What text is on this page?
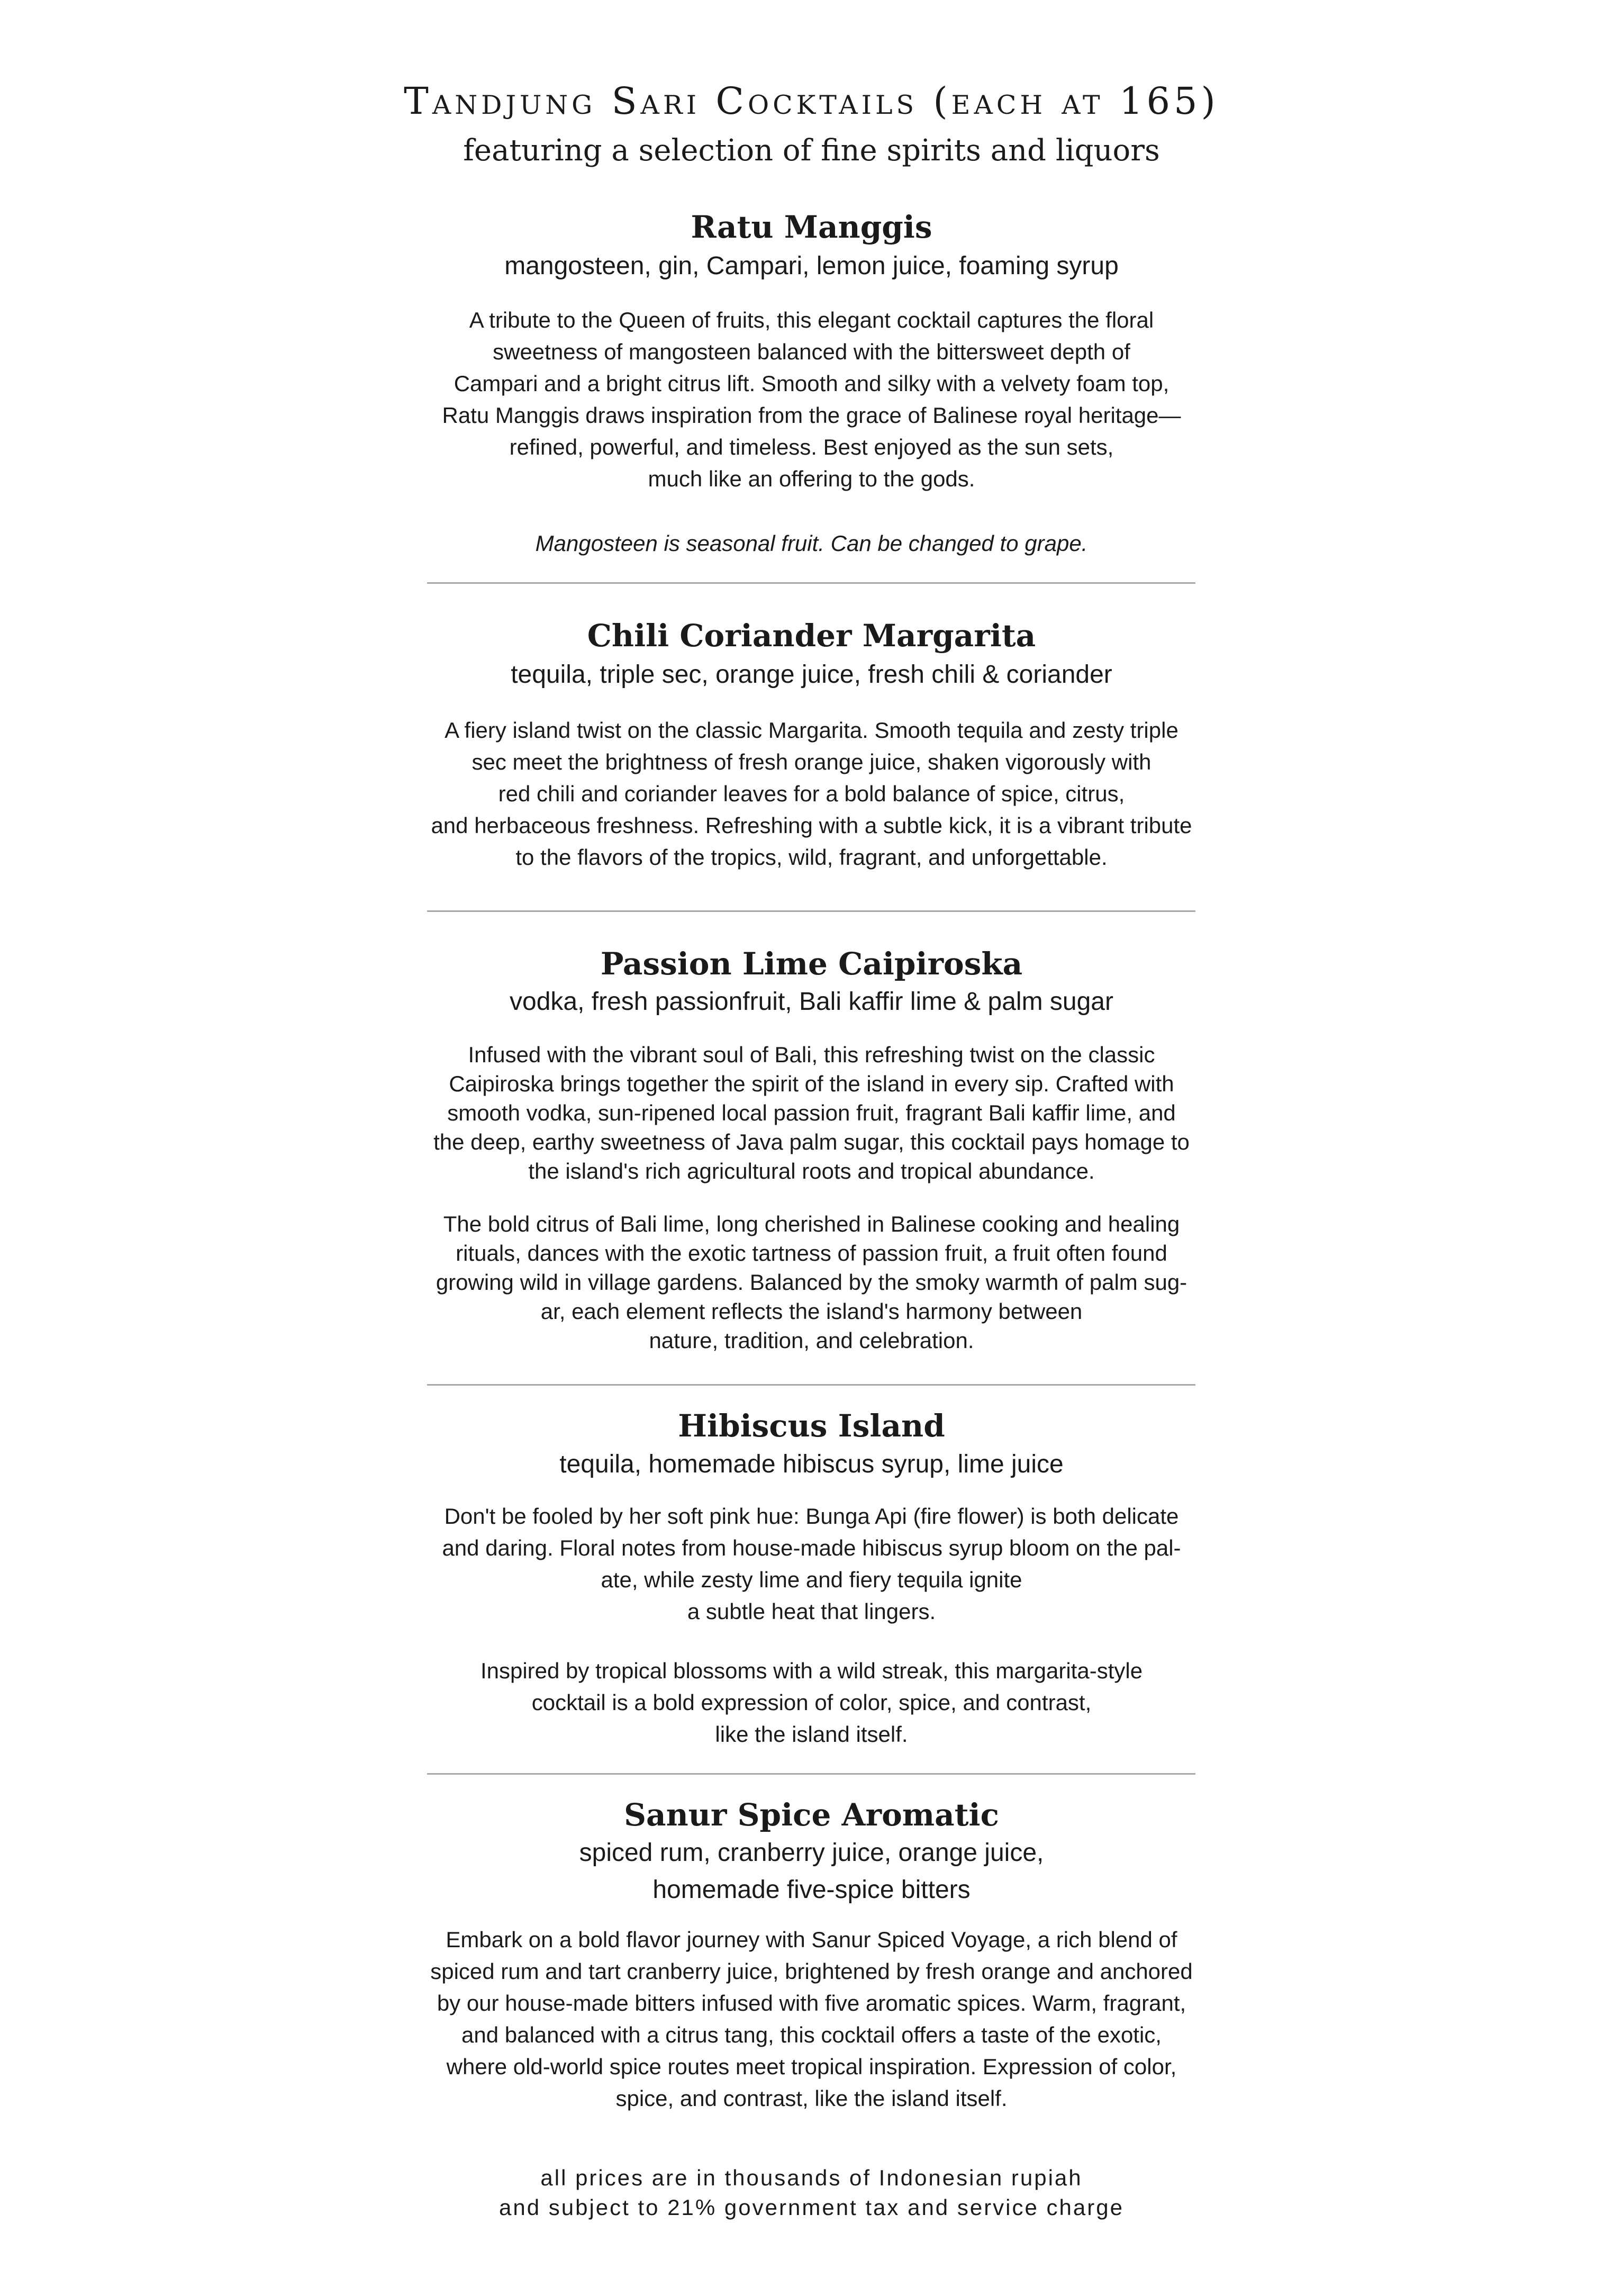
Tandjung Sari Cocktails (each at 165)
featuring a selection of fine spirits and liquors
Ratu Manggis
mangosteen, gin, Campari, lemon juice, foaming syrup
A tribute to the Queen of fruits, this elegant cocktail captures the floral
sweetness of mangosteen balanced with the bittersweet depth of
Campari and a bright citrus lift. Smooth and silky with a velvety foam top,
Ratu Manggis draws inspiration from the grace of Balinese royal heritage—
refined, powerful, and timeless. Best enjoyed as the sun sets,
much like an offering to the gods.
Mangosteen is seasonal fruit. Can be changed to grape.
Chili Coriander Margarita
tequila, triple sec, orange juice, fresh chili & coriander
A fiery island twist on the classic Margarita. Smooth tequila and zesty triple
sec meet the brightness of fresh orange juice, shaken vigorously with
red chili and coriander leaves for a bold balance of spice, citrus,
and herbaceous freshness. Refreshing with a subtle kick, it is a vibrant tribute
to the flavors of the tropics, wild, fragrant, and unforgettable.
Passion Lime Caipiroska
vodka, fresh passionfruit, Bali kaffir lime & palm sugar
Infused with the vibrant soul of Bali, this refreshing twist on the classic
Caipiroska brings together the spirit of the island in every sip. Crafted with
smooth vodka, sun-ripened local passion fruit, fragrant Bali kaffir lime, and
the deep, earthy sweetness of Java palm sugar, this cocktail pays homage to
the island's rich agricultural roots and tropical abundance.
The bold citrus of Bali lime, long cherished in Balinese cooking and healing
rituals, dances with the exotic tartness of passion fruit, a fruit often found
growing wild in village gardens. Balanced by the smoky warmth of palm sug-
ar, each element reflects the island's harmony between
nature, tradition, and celebration.
Hibiscus Island
tequila, homemade hibiscus syrup, lime juice
Don't be fooled by her soft pink hue: Bunga Api (fire flower) is both delicate
and daring. Floral notes from house-made hibiscus syrup bloom on the pal-
ate, while zesty lime and fiery tequila ignite
a subtle heat that lingers.
Inspired by tropical blossoms with a wild streak, this margarita-style
cocktail is a bold expression of color, spice, and contrast,
like the island itself.
Sanur Spice Aromatic
spiced rum, cranberry juice, orange juice,
homemade five-spice bitters
Embark on a bold flavor journey with Sanur Spiced Voyage, a rich blend of
spiced rum and tart cranberry juice, brightened by fresh orange and anchored
by our house-made bitters infused with five aromatic spices. Warm, fragrant,
and balanced with a citrus tang, this cocktail offers a taste of the exotic,
where old-world spice routes meet tropical inspiration. Expression of color,
spice, and contrast, like the island itself.
all prices are in thousands of Indonesian rupiah
and subject to 21% government tax and service charge
